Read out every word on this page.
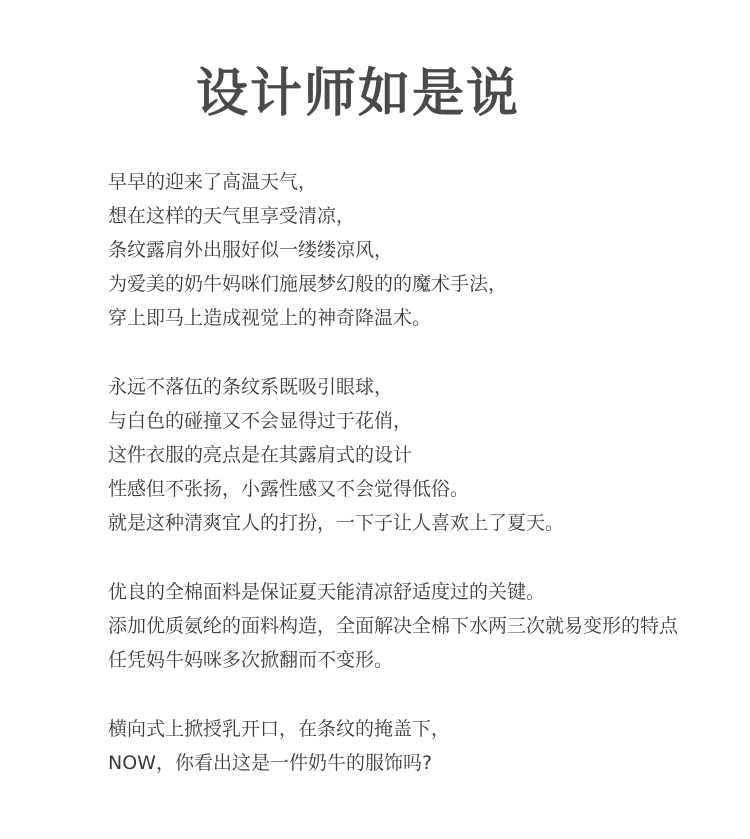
设计师如是说
早早的迎来了高温天气，
想在这样的天气里享受清凉，
条纹露肩外出服好似一缕缕凉风，
为爱美的奶牛妈咪们施展梦幻般的的魔术手法，
穿上即马上造成视觉上的神奇降温术。
永远不落伍的条纹系既吸引眼球，
与白色的碰撞又不会显得过于花俏，
这件衣服的亮点是在其露肩式的设计
性感但不张扬，小露性感又不会觉得低俗。
就是这种清爽宜人的打扮，一下子让人喜欢上了夏天。
优良的全棉面料是保证夏天能清凉舒适度过的关键。
添加优质氨纶的面料构造，全面解决全棉下水两三次就易变形的特点
任凭妈牛妈咪多次掀翻而不变形。
横向式上掀授乳开口，在条纹的掩盖下，
NOW，你看出这是一件奶牛的服饰吗?
